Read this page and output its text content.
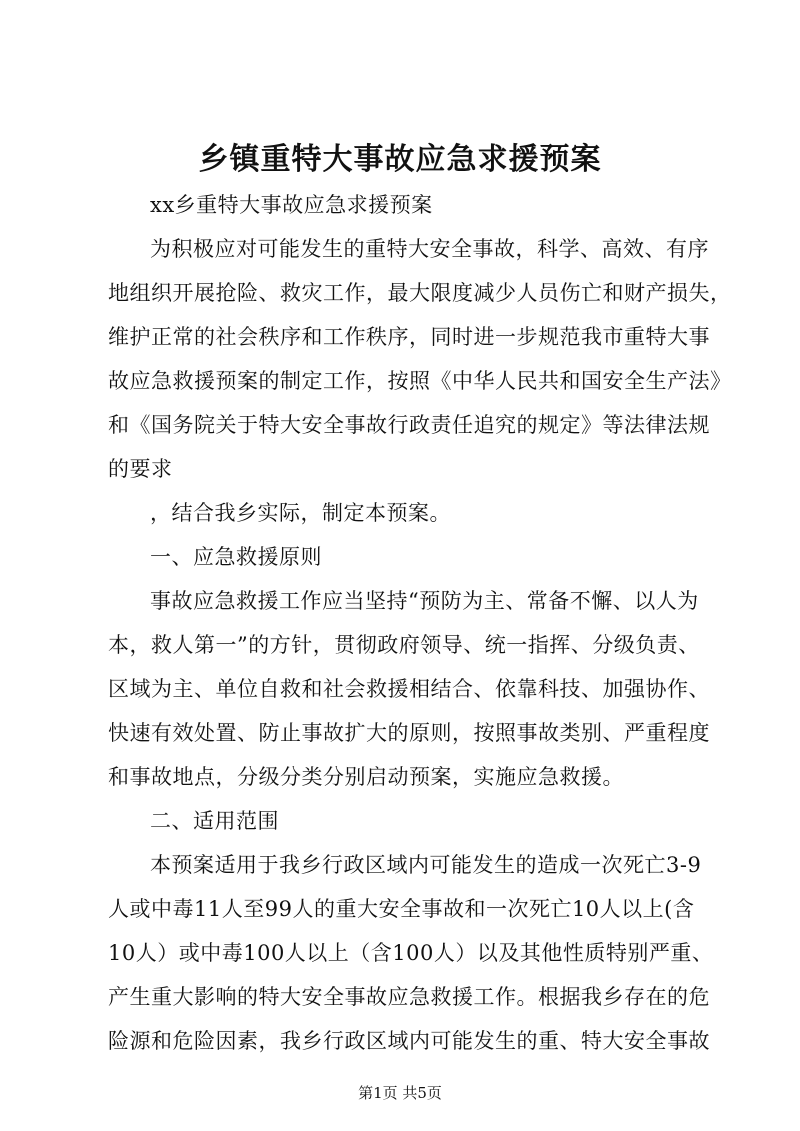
乡镇重特大事故应急求援预案
xx乡重特大事故应急求援预案
为积极应对可能发生的重特大安全事故，科学、高效、有序
地组织开展抢险、救灾工作，最大限度减少人员伤亡和财产损失，
维护正常的社会秩序和工作秩序，同时进一步规范我市重特大事
故应急救援预案的制定工作，按照《中华人民共和国安全生产法》
和《国务院关于特大安全事故行政责任追究的规定》等法律法规
的要求
，结合我乡实际，制定本预案。
一、应急救援原则
事故应急救援工作应当坚持“预防为主、常备不懈、以人为
本，救人第一”的方针，贯彻政府领导、统一指挥、分级负责、
区域为主、单位自救和社会救援相结合、依靠科技、加强协作、
快速有效处置、防止事故扩大的原则，按照事故类别、严重程度
和事故地点，分级分类分别启动预案，实施应急救援。
二、适用范围
本预案适用于我乡行政区域内可能发生的造成一次死亡3-9
人或中毒11人至99人的重大安全事故和一次死亡10人以上(含
10人）或中毒100人以上（含100人）以及其他性质特别严重、
产生重大影响的特大安全事故应急救援工作。根据我乡存在的危
险源和危险因素，我乡行政区域内可能发生的重、特大安全事故
第1页 共5页
